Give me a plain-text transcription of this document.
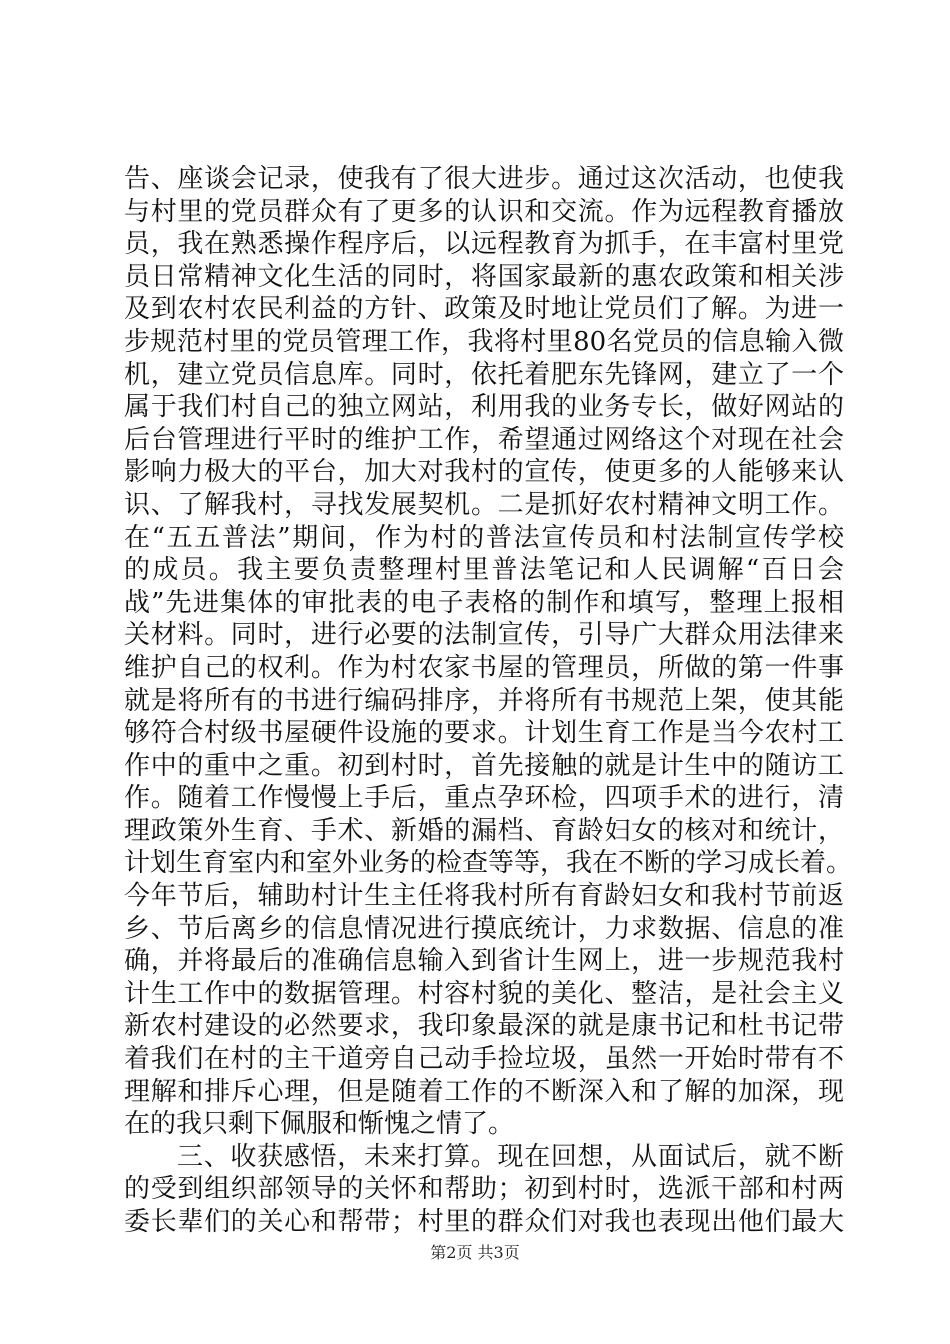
告、座谈会记录，使我有了很大进步。通过这次活动，也使我
与村里的党员群众有了更多的认识和交流。作为远程教育播放
员，我在熟悉操作程序后，以远程教育为抓手，在丰富村里党
员日常精神文化生活的同时，将国家最新的惠农政策和相关涉
及到农村农民利益的方针、政策及时地让党员们了解。为进一
步规范村里的党员管理工作，我将村里80名党员的信息输入微
机，建立党员信息库。同时，依托着肥东先锋网，建立了一个
属于我们村自己的独立网站，利用我的业务专长，做好网站的
后台管理进行平时的维护工作，希望通过网络这个对现在社会
影响力极大的平台，加大对我村的宣传，使更多的人能够来认
识、了解我村，寻找发展契机。二是抓好农村精神文明工作。
在“五五普法”期间，作为村的普法宣传员和村法制宣传学校
的成员。我主要负责整理村里普法笔记和人民调解“百日会
战”先进集体的审批表的电子表格的制作和填写，整理上报相
关材料。同时，进行必要的法制宣传，引导广大群众用法律来
维护自己的权利。作为村农家书屋的管理员，所做的第一件事
就是将所有的书进行编码排序，并将所有书规范上架，使其能
够符合村级书屋硬件设施的要求。计划生育工作是当今农村工
作中的重中之重。初到村时，首先接触的就是计生中的随访工
作。随着工作慢慢上手后，重点孕环检，四项手术的进行，清
理政策外生育、手术、新婚的漏档、育龄妇女的核对和统计，
计划生育室内和室外业务的检查等等，我在不断的学习成长着。
今年节后，辅助村计生主任将我村所有育龄妇女和我村节前返
乡、节后离乡的信息情况进行摸底统计，力求数据、信息的准
确，并将最后的准确信息输入到省计生网上，进一步规范我村
计生工作中的数据管理。村容村貌的美化、整洁，是社会主义
新农村建设的必然要求，我印象最深的就是康书记和杜书记带
着我们在村的主干道旁自己动手捡垃圾，虽然一开始时带有不
理解和排斥心理，但是随着工作的不断深入和了解的加深，现
在的我只剩下佩服和惭愧之情了。
三、收获感悟，未来打算。现在回想，从面试后，就不断
的受到组织部领导的关怀和帮助；初到村时，选派干部和村两
委长辈们的关心和帮带；村里的群众们对我也表现出他们最大
第2页 共3页
